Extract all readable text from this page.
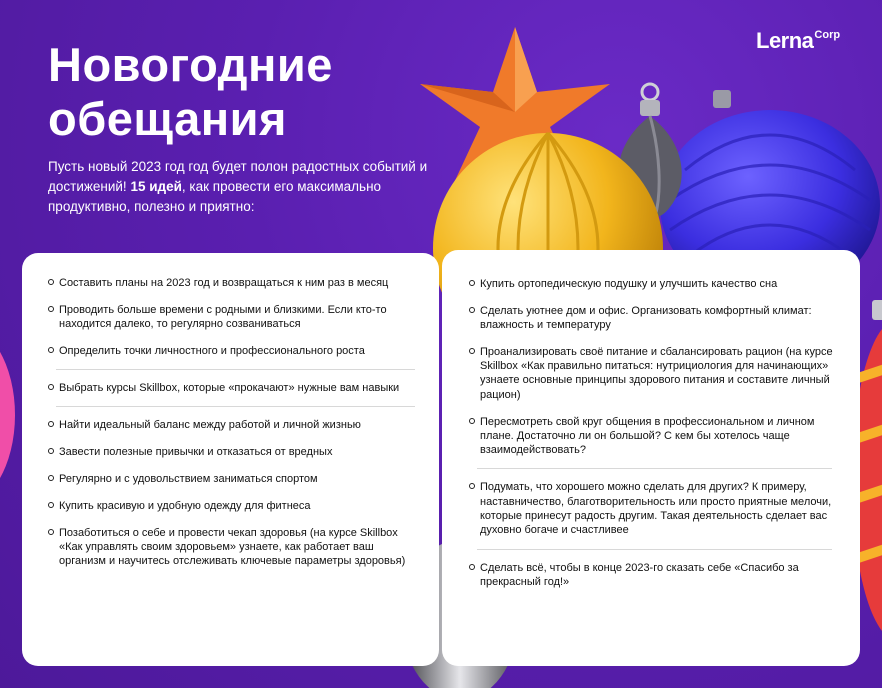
Новогодние
обещания

Пусть новый 2023 год год будет полон радостных событий и достижений! 15 идей, как провести его максимально продуктивно, полезно и приятно:

Lerna$^{Corp}$
Составить планы на 2023 год и возвращаться к ним раз в месяц
Проводить больше времени с родными и близкими. Если кто-то находится далеко, то регулярно созваниваться
Определить точки личностного и профессионального роста
Выбрать курсы Skillbox, которые «прокачают» нужные вам навыки
Найти идеальный баланс между работой и личной жизнью
Завести полезные привычки и отказаться от вредных
Регулярно и с удовольствием заниматься спортом
Купить красивую и удобную одежду для фитнеса
Позаботиться о себе и провести чекап здоровья (на курсе Skillbox «Как управлять своим здоровьем» узнаете, как работает ваш организм и научитесь отслеживать ключевые параметры здоровья)
Купить ортопедическую подушку и улучшить качество сна
Сделать уютнее дом и офис. Организовать комфортный климат: влажность и температуру
Проанализировать своё питание и сбалансировать рацион (на курсе Skillbox «Как правильно питаться: нутрициология для начинающих» узнаете основные принципы здорового питания и составите личный рацион)
Пересмотреть свой круг общения в профессиональном и личном плане. Достаточно ли он большой? С кем бы хотелось чаще взаимодействовать?
Подумать, что хорошего можно сделать для других? К примеру, наставничество, благотворительность или просто приятные мелочи, которые принесут радость другим. Такая деятельность сделает вас духовно богаче и счастливее
Сделать всё, чтобы в конце 2023-го сказать себе «Спасибо за прекрасный год!»
